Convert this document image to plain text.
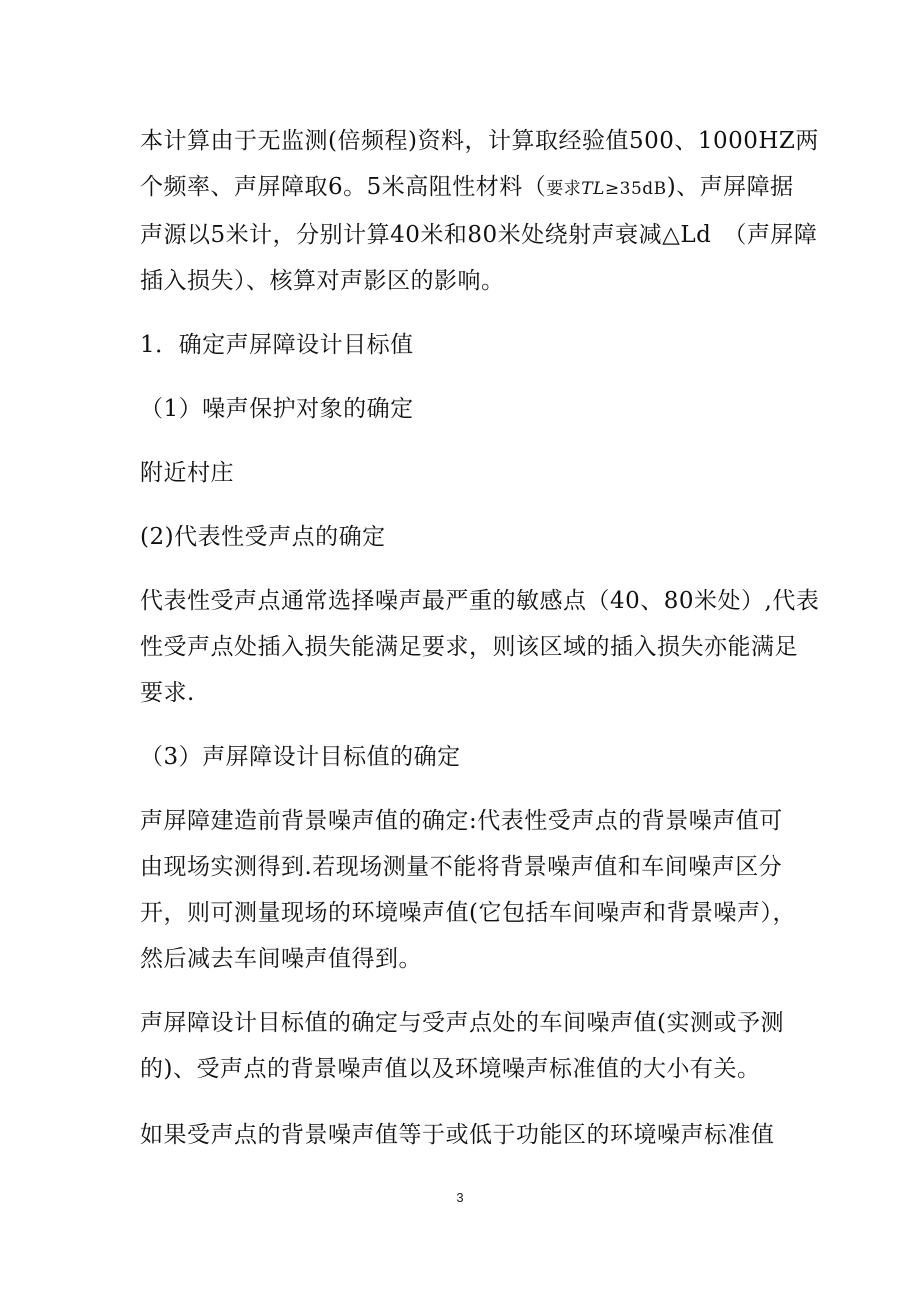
本计算由于无监测(倍频程)资料，计算取经验值500、1000HZ两
个频率、声屏障取6。5米高阻性材料（要求TL≥35dB)、声屏障据
声源以5米计，分别计算40米和80米处绕射声衰减△Ld　（声屏障
插入损失）、核算对声影区的影响。

1．确定声屏障设计目标值

（1）噪声保护对象的确定

附近村庄

(2)代表性受声点的确定

代表性受声点通常选择噪声最严重的敏感点（40、80米处）,代表
性受声点处插入损失能满足要求，则该区域的插入损失亦能满足
要求.

（3）声屏障设计目标值的确定

声屏障建造前背景噪声值的确定:代表性受声点的背景噪声值可
由现场实测得到.若现场测量不能将背景噪声值和车间噪声区分
开，则可测量现场的环境噪声值(它包括车间噪声和背景噪声），
然后减去车间噪声值得到。

声屏障设计目标值的确定与受声点处的车间噪声值(实测或予测
的)、受声点的背景噪声值以及环境噪声标准值的大小有关。

如果受声点的背景噪声值等于或低于功能区的环境噪声标准值

3
